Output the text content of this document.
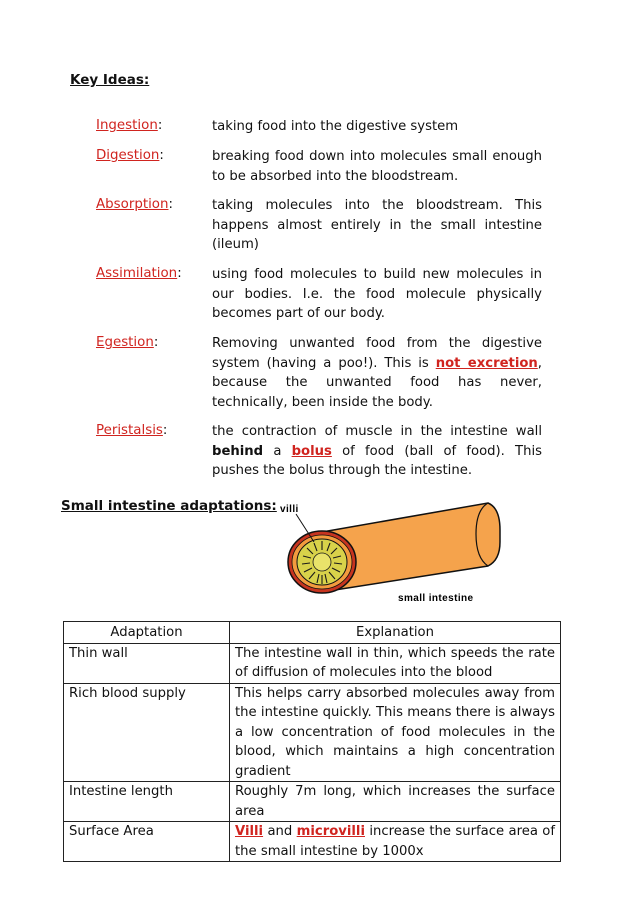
Key Ideas:
Ingestion:	taking food into the digestive system
Digestion:	breaking food down into molecules small enough to be absorbed into the bloodstream.
Absorption:	taking molecules into the bloodstream. This happens almost entirely in the small intestine (ileum)
Assimilation: using food molecules to build new molecules in our bodies. I.e. the food molecule physically becomes part of our body.
Egestion:	Removing unwanted food from the digestive system (having a poo!). This is not excretion, because the unwanted food has never, technically, been inside the body.
Peristalsis:	the contraction of muscle in the intestine wall behind a bolus of food (ball of food). This pushes the bolus through the intestine.
Small intestine adaptations: villi
small intestine
Adaptation	Explanation
Thin wall	The intestine wall in thin, which speeds the rate of diffusion of molecules into the blood
Rich blood supply	This helps carry absorbed molecules away from the intestine quickly. This means there is always a low concentration of food molecules in the blood, which maintains a high concentration gradient
Intestine length	Roughly 7m long, which increases the surface area
Surface Area	Villi and microvilli increase the surface area of the small intestine by 1000x
